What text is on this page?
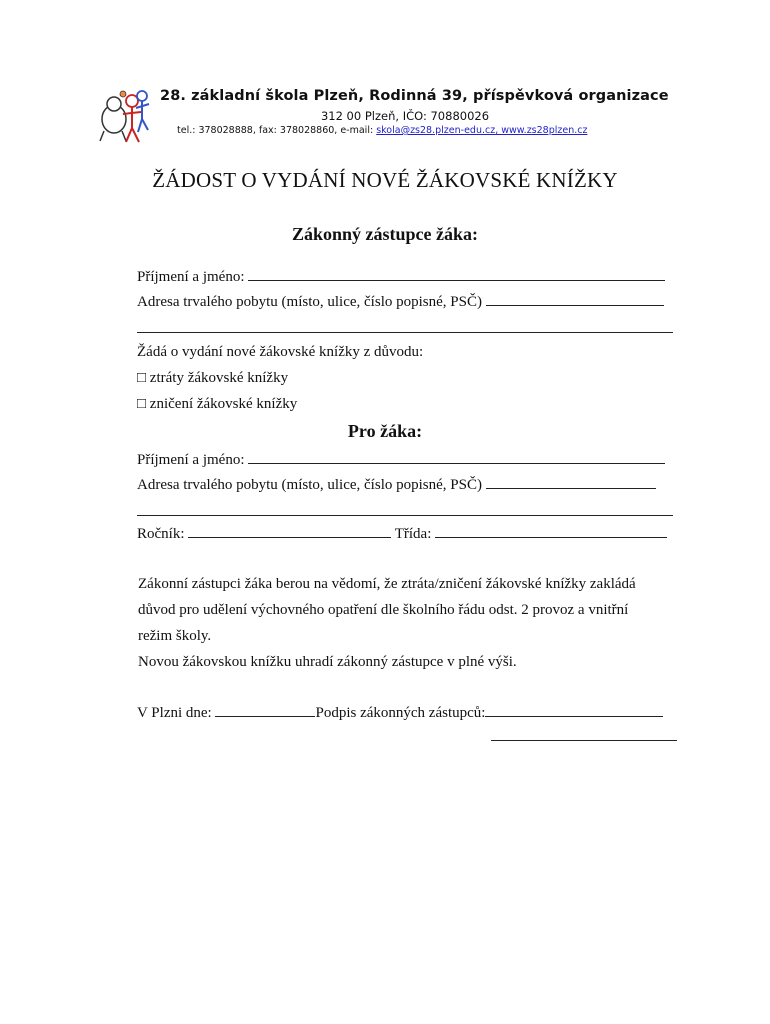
28. základní škola Plzeň, Rodinná 39, příspěvková organizace
312 00 Plzeň, IČO: 70880026
tel.: 378028888, fax: 378028860, e-mail: skola@zs28.plzen-edu.cz, www.zs28plzen.cz
ŽÁDOST O VYDÁNÍ NOVÉ ŽÁKOVSKÉ KNÍŽKY
Zákonný zástupce žáka:
Příjmení a jméno:
Adresa trvalého pobytu (místo, ulice, číslo popisné, PSČ)
Žádá o vydání nové žákovské knížky z důvodu:
□ ztráty žákovské knížky
□ zničení žákovské knížky
Pro žáka:
Příjmení a jméno:
Adresa trvalého pobytu (místo, ulice, číslo popisné, PSČ)
Ročník:	Třída:
Zákonní zástupci žáka berou na vědomí, že ztráta/zničení žákovské knížky zakládá
důvod pro udělení výchovného opatření dle školního řádu odst. 2 provoz a vnitřní
režim školy.
Novou žákovskou knížku uhradí zákonný zástupce v plné výši.
V Plzni dne:	Podpis zákonných zástupců:
